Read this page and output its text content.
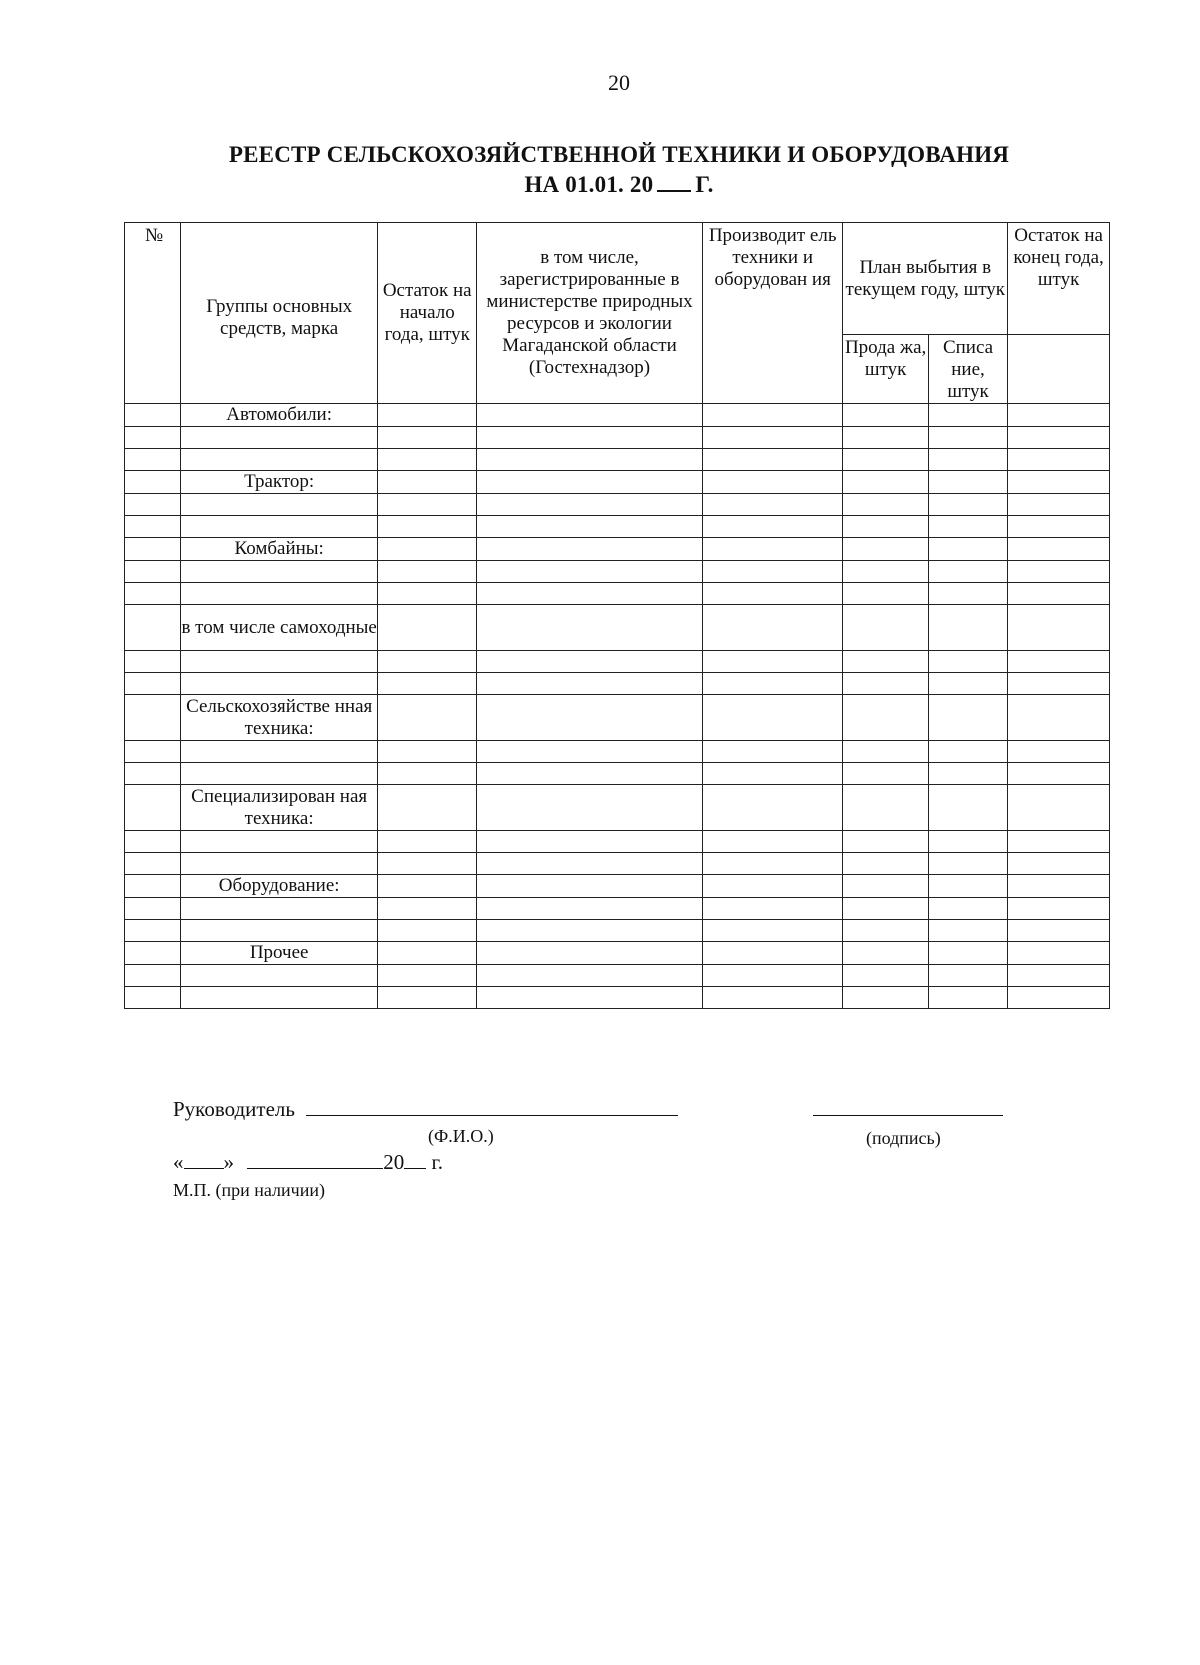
20
РЕЕСТР СЕЛЬСКОХОЗЯЙСТВЕННОЙ ТЕХНИКИ И ОБОРУДОВАНИЯ
НА 01.01. 20 Г.
№	Группы основных средств, марка	Остаток на начало года, штук	в том числе, зарегистрированные в министерстве природных ресурсов и экологии Магаданской области (Гостехнадзор)	Производит ель техники и оборудован ия	План выбытия в текущем году, штук		Остаток на конец года, штук
					Прода жа, штук	Списа ние, штук	
	Автомобили:						

	Трактор:						

	Комбайны:						

	в том числе самоходные						

	Сельскохозяйстве нная техника:						

	Специализирован ная техника:						

	Оборудование:						

	Прочее						

Руководитель
(Ф.И.О.)	(подпись)
« »	20 г.
М.П. (при наличии)
